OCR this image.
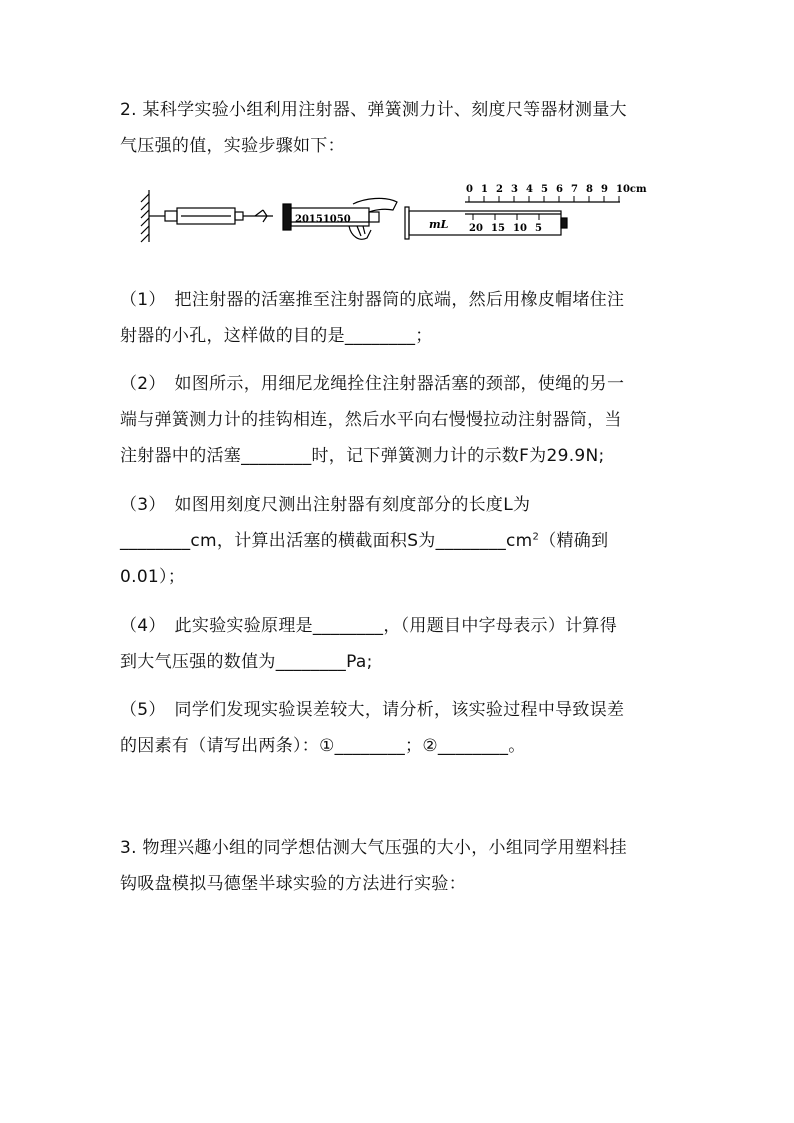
2. 某科学实验小组利用注射器、弹簧测力计、刻度尺等器材测量大
气压强的值，实验步骤如下：
20151050
0 1 2 3 4 5 6 7 8 9 10cm
mL 20 15 10 5
（1）　把注射器的活塞推至注射器筒的底端，然后用橡皮帽堵住注
射器的小孔，这样做的目的是________；
（2）　如图所示，用细尼龙绳拴住注射器活塞的颈部，使绳的另一
端与弹簧测力计的挂钩相连，然后水平向右慢慢拉动注射器筒，当
注射器中的活塞________时，记下弹簧测力计的示数F为29.9N;
（3）　如图用刻度尺测出注射器有刻度部分的长度L为
________cm，计算出活塞的横截面积S为$\_\_\_\_\_\_\_\_cm^2$（精确到
0.01）；
（4）　此实验实验原理是________，（用题目中字母表示）计算得
到大气压强的数值为________Pa;
（5）　同学们发现实验误差较大，请分析，该实验过程中导致误差
的因素有（请写出两条）：①________；②________。
3. 物理兴趣小组的同学想估测大气压强的大小，小组同学用塑料挂
钩吸盘模拟马德堡半球实验的方法进行实验：
